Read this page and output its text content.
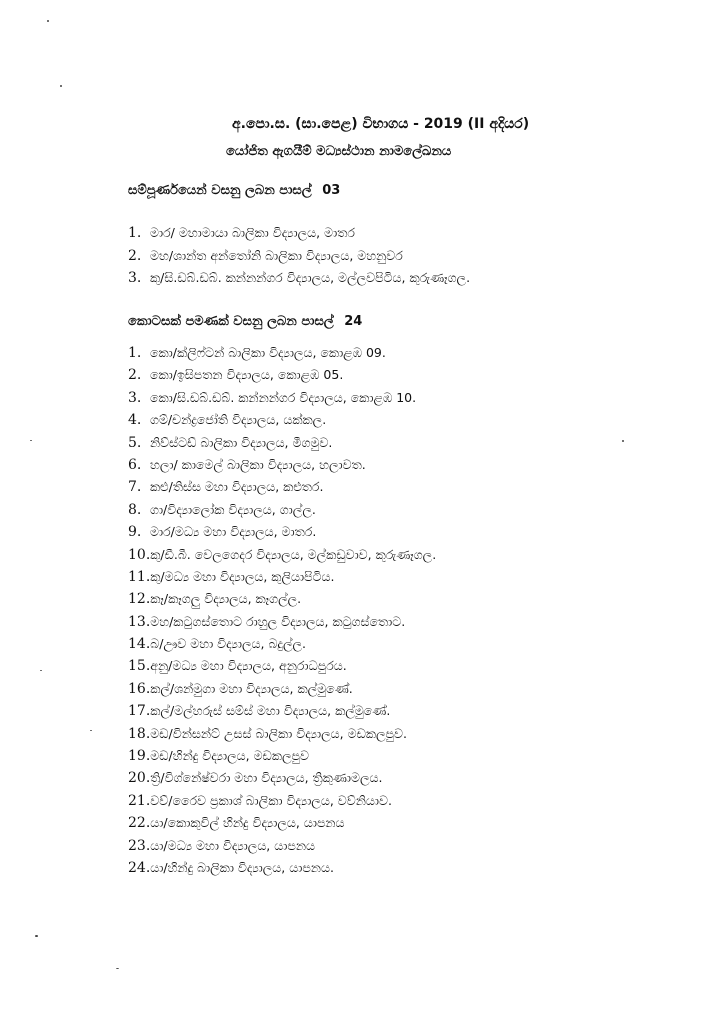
අ.පො.ස. (සා.පෙළ) විභාගය - 2019 (II අදියර)
යෝජිත ඇගයීම් මධ්‍යස්ථාන නාමලේඛනය
සම්පූර්ණයෙන් වසනු ලබන පාසල් 03
1. මාර/ මහාමායා බාලිකා විද්‍යාලය, මාතර
2. මහ/ශාන්ත අන්තෝනි බාලිකා විද්‍යාලය, මහනුවර
3. කු/සි.ඩබ්.ඩබ්. කන්නන්ගර විද්‍යාලය, මල්ලවපිටිය, කුරුණෑගල.
කොටසක් පමණක් වසනු ලබන පාසල් 24
1. කො/ක්ලිෆ්ටන් බාලිකා විද්‍යාලය, කොළඹ 09.
2. කො/ඉසිපතන විද්‍යාලය, කොළඹ 05.
3. කො/සි.ඩබ්.ඩබ්. කන්නන්ගර විද්‍යාලය, කොළඹ 10.
4. ගම්/චන්ද්‍රජෝති විද්‍යාලය, යක්කල.
5. නිව්ස්ටඩ් බාලිකා විද්‍යාලය, මීගමුව.
6. හලා/ කාමෙල් බාලිකා විද්‍යාලය, හලාවත.
7. කළු/තිස්ස මහා විද්‍යාලය, කළුතර.
8. ගා/විද්‍යාලෝක විද්‍යාලය, ගාල්ල.
9. මාර/මධ්‍ය මහා විද්‍යාලය, මාතර.
10. කු/ඩී.බී. වෙලගෙදර විද්‍යාලය, මල්කඩුවාව, කුරුණෑගල.
11. කු/මධ්‍ය මහා විද්‍යාලය, කුලියාපිටිය.
12. කෑ/කෑගලු විද්‍යාලය, කෑගල්ල.
13. මහ/කටුගස්තොට රාහුල විද්‍යාලය, කටුගස්තොට.
14. බ/ඌව මහා විද්‍යාලය, බදුල්ල.
15. අනු/මධ්‍ය මහා විද්‍යාලය, අනුරාධපුරය.
16. කල්/ශන්මුගා මහා විද්‍යාලය, කල්මුණේ.
17. කල්/මල්හරුස් සම්ස් මහා විද්‍යාලය, කල්මුණේ.
18. මඩ/වින්සන්ට් උසස් බාලිකා විද්‍යාලය, මඩකලපුව.
19. මඩ/හින්දු විද්‍යාලය, මඩකලපුව
20. ත්‍රි/විග්නේෂ්වරා මහා විද්‍යාලය, ත්‍රිකුණාමලය.
21. වව්/රෙෙව ප්‍රකාශ් බාලිකා විද්‍යාලය, වව්නියාව.
22. යා/කොකුවිල් හින්දු විද්‍යාලය, යාපනය
23. යා/මධ්‍ය මහා විද්‍යාලය, යාපනය
24. යා/හින්දු බාලිකා විද්‍යාලය, යාපනය.
